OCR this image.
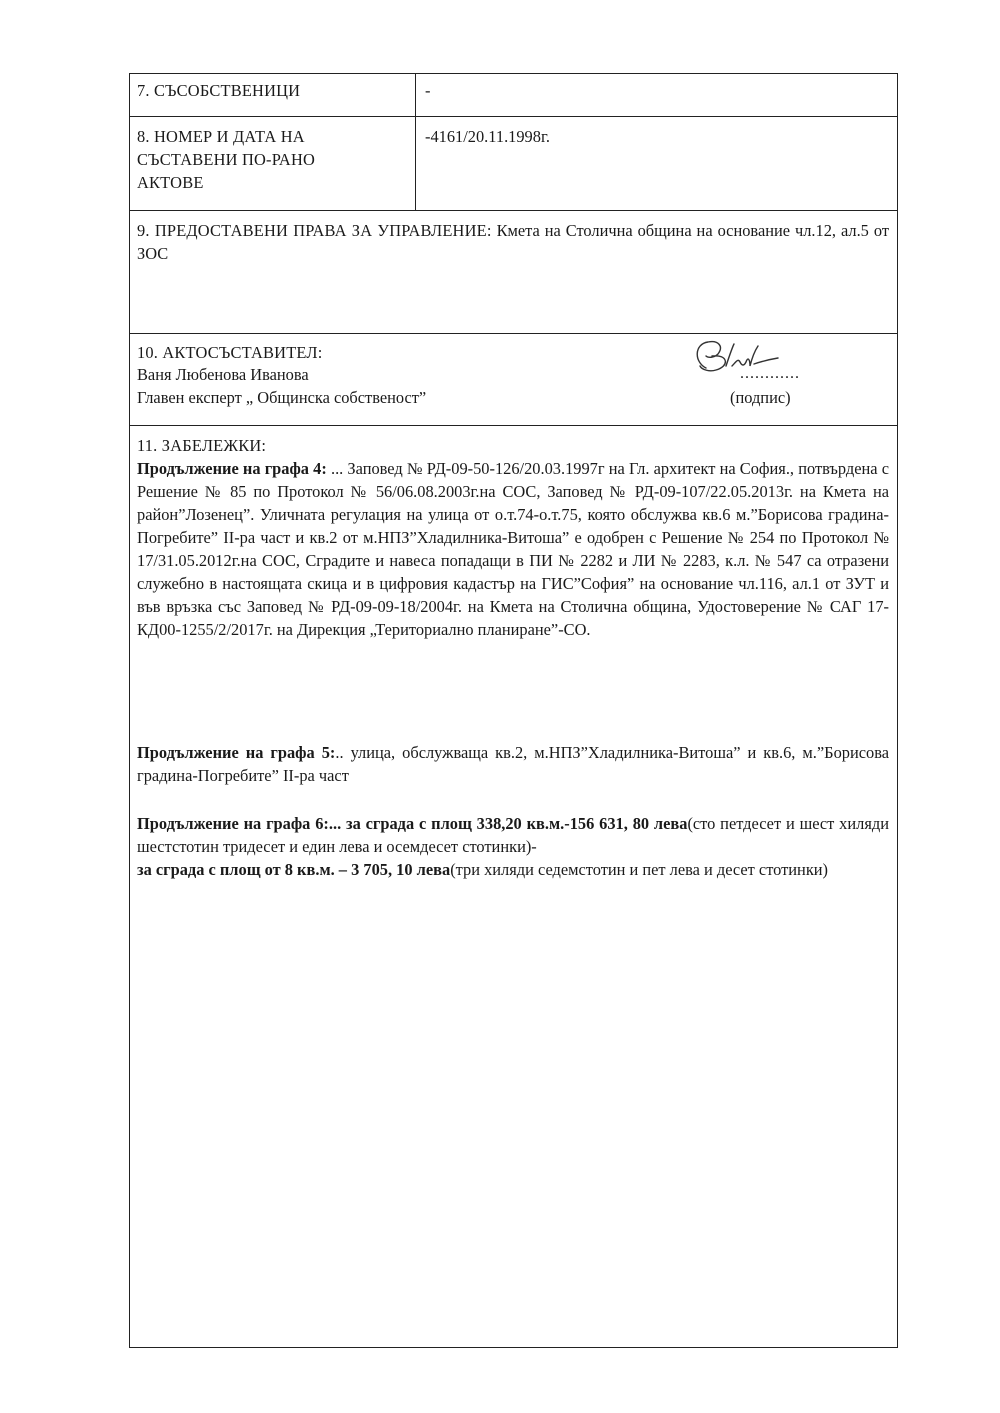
7. СЪСОБСТВЕНИЦИ	-
8. НОМЕР И ДАТА НА
СЪСТАВЕНИ ПО-РАНО
АКТОВЕ
-4161/20.11.1998г.
9. ПРЕДОСТАВЕНИ ПРАВА ЗА УПРАВЛЕНИЕ: Кмета на Столична община на основание чл.12, ал.5 от ЗОС
10. АКТОСЪСТАВИТЕЛ:
Ваня Любенова Иванова
Главен експерт „ Общинска собственост”
............
(подпис)
11. ЗАБЕЛЕЖКИ:
Продължение на графа 4: ... Заповед № РД-09-50-126/20.03.1997г на Гл. архитект на София., потвърдена с Решение № 85 по Протокол № 56/06.08.2003г.на СОС, Заповед № РД-09-107/22.05.2013г. на Кмета на район”Лозенец”. Уличната регулация на улица от о.т.74-о.т.75, която обслужва кв.6 м.”Борисова градина-Погребите” II-ра част и кв.2 от м.НПЗ”Хладилника-Витоша” е одобрен с Решение № 254 по Протокол № 17/31.05.2012г.на СОС, Сградите и навеса попадащи в ПИ № 2282 и ЛИ № 2283, к.л. № 547 са отразени служебно в настоящата скица и в цифровия кадастър на ГИС”София” на основание чл.116, ал.1 от ЗУТ и във връзка със Заповед № РД-09-09-18/2004г. на Кмета на Столична община, Удостоверение № САГ 17-КД00-1255/2/2017г. на Дирекция „Териториално планиране”-СО.
Продължение на графа 5:.. улица, обслужваща кв.2, м.НПЗ”Хладилника-Витоша” и кв.6, м.”Борисова градина-Погребите” II-ра част
Продължение на графа 6:... за сграда с площ 338,20 кв.м.-156 631, 80 лева(сто петдесет и шест хиляди шестстотин тридесет и един лева и осемдесет стотинки)-
за сграда с площ от 8 кв.м. – 3 705, 10 лева(три хиляди седемстотин и пет лева и десет стотинки)
